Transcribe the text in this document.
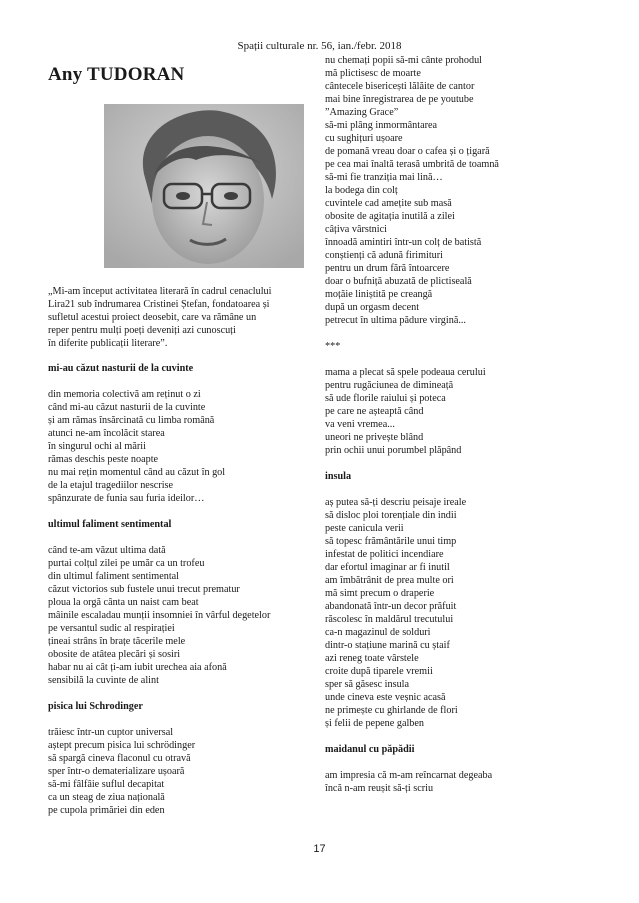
Spații culturale nr. 56, ian./febr. 2018
Any TUDORAN
„Mi-am început activitatea literară în cadrul cenaclului
Lira21 sub îndrumarea Cristinei Ștefan, fondatoarea și
sufletul acestui proiect deosebit, care va rămâne un
reper pentru mulți poeți deveniți azi cunoscuți
în diferite publicații literare”.
mi-au căzut nasturii de la cuvinte
din memoria colectivă am reținut o zi
când mi-au căzut nasturii de la cuvinte
și am rămas însărcinată cu limba română
atunci ne-am încolăcit starea
în singurul ochi al mării
rămas deschis peste noapte
nu mai rețin momentul când au căzut în gol
de la etajul tragediilor nescrise
spânzurate de funia sau furia ideilor…
ultimul faliment sentimental
când te-am văzut ultima dată
purtai colțul zilei pe umăr ca un trofeu
din ultimul faliment sentimental
căzut victorios sub fustele unui trecut prematur
ploua la orgă cânta un naist cam beat
mâinile escaladau munții insomniei în vârful degetelor
pe versantul sudic al respirației
țineai strâns în brațe tăcerile mele
obosite de atâtea plecări și sosiri
habar nu ai cât ți-am iubit urechea aia afonă
sensibilă la cuvinte de alint
pisica lui Schrodinger
trăiesc într-un cuptor universal
aștept precum pisica lui schrödinger
să spargă cineva flaconul cu otravă
sper într-o dematerializare ușoară
să-mi fâlfâie suflul decapitat
ca un steag de ziua națională
pe cupola primăriei din eden
nu chemați popii să-mi cânte prohodul
mă plictisesc de moarte
cântecele bisericești lălăite de cantor
mai bine înregistrarea de pe youtube
”Amazing Grace”
să-mi plâng inmormântarea
cu sughițuri ușoare
de pomană vreau doar o cafea și o țigară
pe cea mai înaltă terasă umbrită de toamnă
să-mi fie tranziția mai lină…
la bodega din colț
cuvintele cad amețite sub masă
obosite de agitația inutilă a zilei
câțiva vârstnici
înnoadă amintiri într-un colț de batistă
conștienți că adună firimituri
pentru un drum fără întoarcere
doar o bufniță abuzată de plictiseală
moțăie liniștită pe creangă
după un orgasm decent
petrecut în ultima pădure virgină...
***
mama a plecat să spele podeaua cerului
pentru rugăciunea de dimineață
să ude florile raiului și poteca
pe care ne așteaptă când
va veni vremea...
uneori ne privește blând
prin ochii unui porumbel plăpând
insula
aș putea să-ți descriu peisaje ireale
să disloc ploi torențiale din indii
peste canicula verii
să topesc frământările unui timp
infestat de politici incendiare
dar efortul imaginar ar fi inutil
am îmbătrânit de prea multe ori
mă simt precum o draperie
abandonată într-un decor prăfuit
răscolesc în maldărul trecutului
ca-n magazinul de solduri
dintr-o stațiune marină cu ștaif
azi reneg toate vârstele
croite după tiparele vremii
sper să găsesc insula
unde cineva este veșnic acasă
ne primește cu ghirlande de flori
și felii de pepene galben
maidanul cu păpădii
am impresia că m-am reîncarnat degeaba
încă n-am reușit să-ți scriu
17
